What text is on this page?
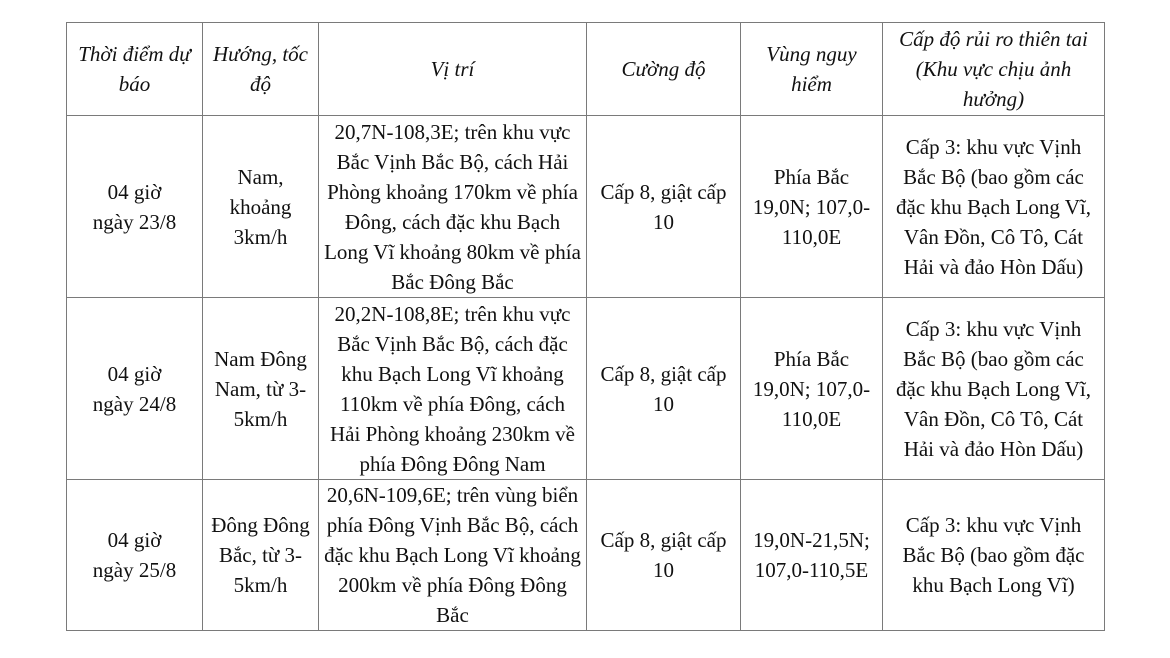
Thời điểm dự báo	Hướng, tốc độ	Vị trí	Cường độ	Vùng nguy hiểm	Cấp độ rủi ro thiên tai (Khu vực chịu ảnh hưởng)

04 giờ ngày 23/8	Nam, khoảng 3km/h	20,7N-108,3E; trên khu vực Bắc Vịnh Bắc Bộ, cách Hải Phòng khoảng 170km về phía Đông, cách đặc khu Bạch Long Vĩ khoảng 80km về phía Bắc Đông Bắc	Cấp 8, giật cấp 10	Phía Bắc 19,0N; 107,0-110,0E	Cấp 3: khu vực Vịnh Bắc Bộ (bao gồm các đặc khu Bạch Long Vĩ, Vân Đồn, Cô Tô, Cát Hải và đảo Hòn Dấu)

04 giờ ngày 24/8	Nam Đông Nam, từ 3-5km/h	20,2N-108,8E; trên khu vực Bắc Vịnh Bắc Bộ, cách đặc khu Bạch Long Vĩ khoảng 110km về phía Đông, cách Hải Phòng khoảng 230km về phía Đông Đông Nam	Cấp 8, giật cấp 10	Phía Bắc 19,0N; 107,0-110,0E	Cấp 3: khu vực Vịnh Bắc Bộ (bao gồm các đặc khu Bạch Long Vĩ, Vân Đồn, Cô Tô, Cát Hải và đảo Hòn Dấu)

04 giờ ngày 25/8	Đông Đông Bắc, từ 3-5km/h	20,6N-109,6E; trên vùng biển phía Đông Vịnh Bắc Bộ, cách đặc khu Bạch Long Vĩ khoảng 200km về phía Đông Đông Bắc	Cấp 8, giật cấp 10	19,0N-21,5N; 107,0-110,5E	Cấp 3: khu vực Vịnh Bắc Bộ (bao gồm đặc khu Bạch Long Vĩ)
